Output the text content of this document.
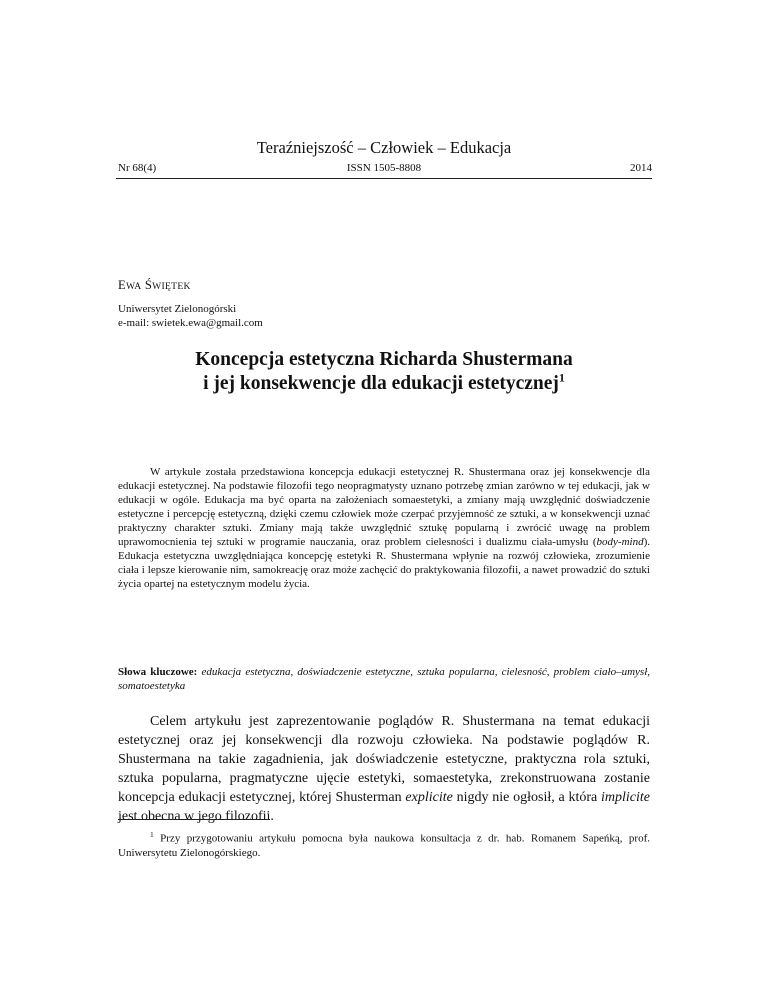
Teraźniejszość – Człowiek – Edukacja
Nr 68(4)	ISSN 1505-8808	2014
EWA ŚWIĘTEK
Uniwersytet Zielonogórski
e-mail: swietek.ewa@gmail.com
Koncepcja estetyczna Richarda Shustermana
i jej konsekwencje dla edukacji estetycznej$^1$
W artykule została przedstawiona koncepcja edukacji estetycznej R. Shustermana oraz jej konsekwencje dla edukacji estetycznej. Na podstawie filozofii tego neopragmatysty uznano potrzebę zmian zarówno w tej edukacji, jak w edukacji w ogóle. Edukacja ma być oparta na założeniach somaestetyki, a zmiany mają uwzględnić doświadczenie estetyczne i percepcję estetyczną, dzięki czemu człowiek może czerpać przyjemność ze sztuki, a w konsekwencji uznać praktyczny charakter sztuki. Zmiany mają także uwzględnić sztukę popularną i zwrócić uwagę na problem uprawomocnienia tej sztuki w programie nauczania, oraz problem cielesności i dualizmu ciała-umysłu (body-mind). Edukacja estetyczna uwzględniająca koncepcję estetyki R. Shustermana wpłynie na rozwój człowieka, zrozumienie ciała i lepsze kierowanie nim, samokreację oraz może zachęcić do praktykowania filozofii, a nawet prowadzić do sztuki życia opartej na estetycznym modelu życia.
Słowa kluczowe: edukacja estetyczna, doświadczenie estetyczne, sztuka popularna, cielesność, problem ciało–umysł, somatoestetyka
Celem artykułu jest zaprezentowanie poglądów R. Shustermana na temat edukacji estetycznej oraz jej konsekwencji dla rozwoju człowieka. Na podstawie poglądów R. Shustermana na takie zagadnienia, jak doświadczenie estetyczne, praktyczna rola sztuki, sztuka popularna, pragmatyczne ujęcie estetyki, somaestetyka, zrekonstruowana zostanie koncepcja edukacji estetycznej, której Shusterman explicite nigdy nie ogłosił, a która implicite jest obecna w jego filozofii.
$^1$ Przy przygotowaniu artykułu pomocna była naukowa konsultacja z dr. hab. Romanem Sapeńką, prof. Uniwersytetu Zielonogórskiego.
